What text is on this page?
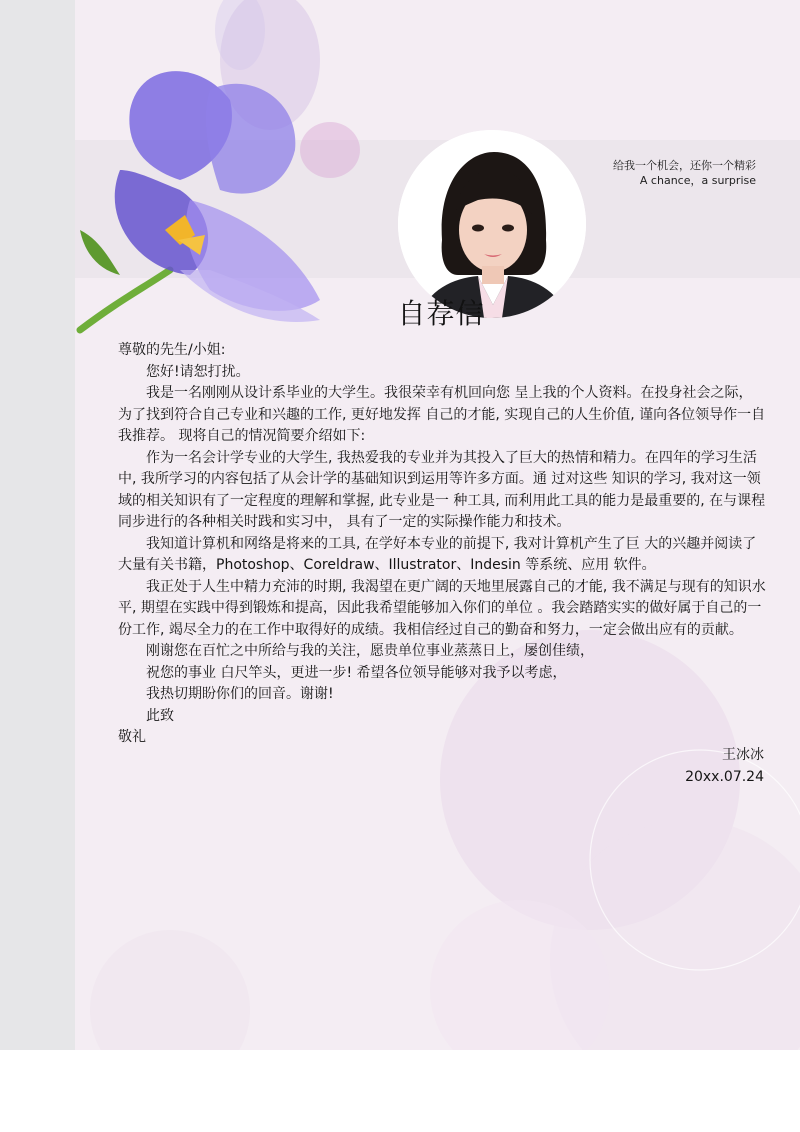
给我一个机会，还你一个精彩
A chance，a surprise
自荐信

尊敬的先生/小姐:

您好!请恕打扰。

我是一名刚刚从设计系毕业的大学生。我很荣幸有机回向您 呈上我的个人资料。在投身社会之际，为了找到符合自己专业和兴趣的工作, 更好地发挥 自己的才能, 实现自己的人生价值, 谨向各位领导作一自我推荐。 现将自己的情况简要介绍如下:

作为一名会计学专业的大学生, 我热爱我的专业并为其投入了巨大的热情和精力。在四年的学习生活中, 我所学习的内容包括了从会计学的基础知识到运用等许多方面。通 过对这些 知识的学习, 我对这一领域的相关知识有了一定程度的理解和掌握, 此专业是一 种工具, 而利用此工具的能力是最重要的, 在与课程同步进行的各种相关时践和实习中， 具有了一定的实际操作能力和技术。

我知道计算机和网络是将来的工具, 在学好本专业的前提下, 我对计算机产生了巨 大的兴趣并阅读了大量有关书籍，Photoshop、Coreldraw、Illustrator、Indesin 等系统、应用 软件。

我正处于人生中精力充沛的时期, 我渴望在更广阔的天地里展露自己的才能, 我不满足与现有的知识水平, 期望在实践中得到锻炼和提高，因此我希望能够加入你们的单位 。我会踏踏实实的做好属于自己的一份工作, 竭尽全力的在工作中取得好的成绩。我相信经过自己的勤奋和努力，一定会做出应有的贡献。

刚谢您在百忙之中所给与我的关注，愿贵单位事业蒸蒸日上，屡创佳绩，

祝您的事业 白尺竿头，更进一步! 希望各位领导能够对我予以考虑，

我热切期盼你们的回音。谢谢!

此致

敬礼

王冰冰
20xx.07.24
